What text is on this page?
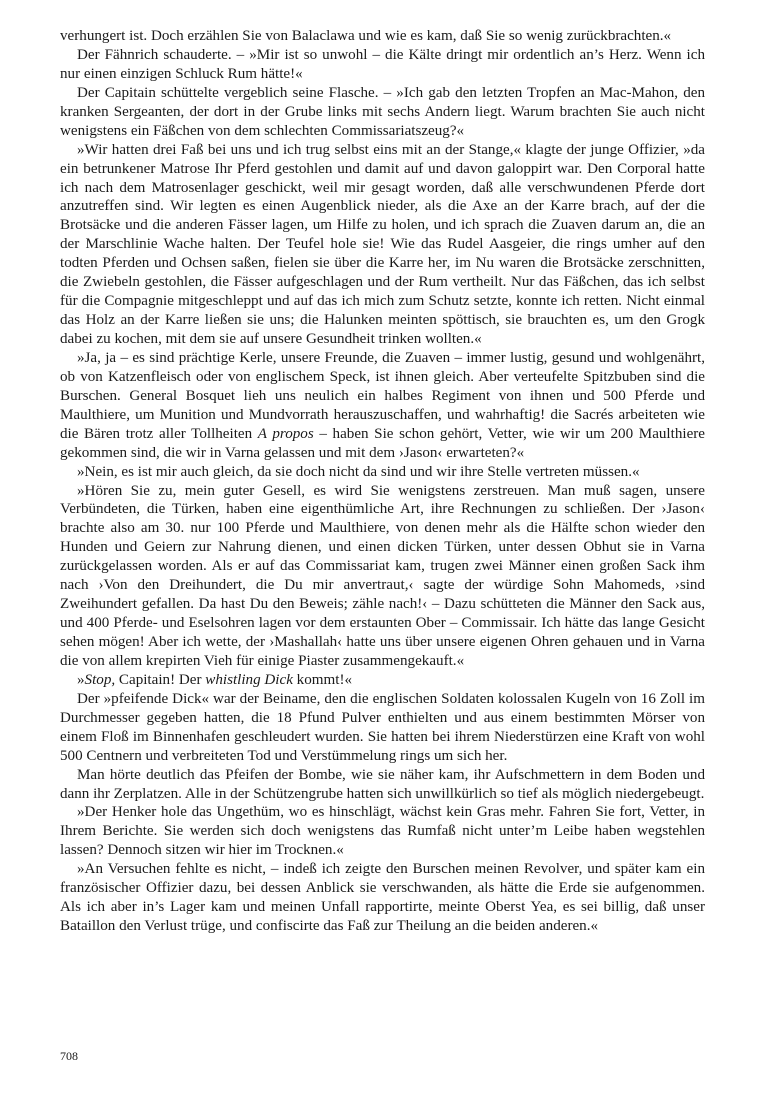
verhungert ist. Doch erzählen Sie von Balaclawa und wie es kam, daß Sie so wenig zurückbrachten.«

Der Fähnrich schauderte. – »Mir ist so unwohl – die Kälte dringt mir ordentlich an’s Herz. Wenn ich nur einen einzigen Schluck Rum hätte!«

Der Capitain schüttelte vergeblich seine Flasche. – »Ich gab den letzten Tropfen an Mac-Mahon, den kranken Sergeanten, der dort in der Grube links mit sechs Andern liegt. Warum brachten Sie auch nicht wenigstens ein Fäßchen von dem schlechten Commissariatszeug?«

»Wir hatten drei Faß bei uns und ich trug selbst eins mit an der Stange,« klagte der junge Offizier, »da ein betrunkener Matrose Ihr Pferd gestohlen und damit auf und davon galoppirt war. Den Corporal hatte ich nach dem Matrosenlager geschickt, weil mir gesagt worden, daß alle verschwundenen Pferde dort anzutreffen sind. Wir legten es einen Augenblick nieder, als die Axe an der Karre brach, auf der die Brotsäcke und die anderen Fässer lagen, um Hilfe zu holen, und ich sprach die Zuaven darum an, die an der Marschlinie Wache halten. Der Teufel hole sie! Wie das Rudel Aasgeier, die rings umher auf den todten Pferden und Ochsen saßen, fielen sie über die Karre her, im Nu waren die Brotsäcke zerschnitten, die Zwiebeln gestohlen, die Fässer aufgeschlagen und der Rum vertheilt. Nur das Fäßchen, das ich selbst für die Compagnie mitgeschleppt und auf das ich mich zum Schutz setzte, konnte ich retten. Nicht einmal das Holz an der Karre ließen sie uns; die Halunken meinten spöttisch, sie brauchten es, um den Grogk dabei zu kochen, mit dem sie auf unsere Gesundheit trinken wollten.«

»Ja, ja – es sind prächtige Kerle, unsere Freunde, die Zuaven – immer lustig, gesund und wohlgenährt, ob von Katzenfleisch oder von englischem Speck, ist ihnen gleich. Aber verteufelte Spitzbuben sind die Burschen. General Bosquet lieh uns neulich ein halbes Regiment von ihnen und 500 Pferde und Maulthiere, um Munition und Mundvorrath herauszuschaffen, und wahrhaftig! die Sacrés arbeiteten wie die Bären trotz aller Tollheiten A propos – haben Sie schon gehört, Vetter, wie wir um 200 Maulthiere gekommen sind, die wir in Varna gelassen und mit dem ›Jason‹ erwarteten?«

»Nein, es ist mir auch gleich, da sie doch nicht da sind und wir ihre Stelle vertreten müssen.«

»Hören Sie zu, mein guter Gesell, es wird Sie wenigstens zerstreuen. Man muß sagen, unsere Verbündeten, die Türken, haben eine eigenthümliche Art, ihre Rechnungen zu schließen. Der ›Jason‹ brachte also am 30. nur 100 Pferde und Maulthiere, von denen mehr als die Hälfte schon wieder den Hunden und Geiern zur Nahrung dienen, und einen dicken Türken, unter dessen Obhut sie in Varna zurückgelassen worden. Als er auf das Commissariat kam, trugen zwei Männer einen großen Sack ihm nach ›Von den Dreihundert, die Du mir anvertraut,‹ sagte der würdige Sohn Mahomeds, ›sind Zweihundert gefallen. Da hast Du den Beweis; zähle nach!‹ – Dazu schütteten die Männer den Sack aus, und 400 Pferde- und Eselsohren lagen vor dem erstaunten Ober – Commissair. Ich hätte das lange Gesicht sehen mögen! Aber ich wette, der ›Mashallah‹ hatte uns über unsere eigenen Ohren gehauen und in Varna die von allem krepirten Vieh für einige Piaster zusammengekauft.«

»Stop, Capitain! Der whistling Dick kommt!«

Der »pfeifende Dick« war der Beiname, den die englischen Soldaten kolossalen Kugeln von 16 Zoll im Durchmesser gegeben hatten, die 18 Pfund Pulver enthielten und aus einem bestimmten Mörser von einem Floß im Binnenhafen geschleudert wurden. Sie hatten bei ihrem Niederstürzen eine Kraft von wohl 500 Centnern und verbreiteten Tod und Verstümmelung rings um sich her.

Man hörte deutlich das Pfeifen der Bombe, wie sie näher kam, ihr Aufschmettern in dem Boden und dann ihr Zerplatzen. Alle in der Schützengrube hatten sich unwillkürlich so tief als möglich niedergebeugt.

»Der Henker hole das Ungethüm, wo es hinschlägt, wächst kein Gras mehr. Fahren Sie fort, Vetter, in Ihrem Berichte. Sie werden sich doch wenigstens das Rumfaß nicht unter’m Leibe haben wegstehlen lassen? Dennoch sitzen wir hier im Trocknen.«

»An Versuchen fehlte es nicht, – indeß ich zeigte den Burschen meinen Revolver, und später kam ein französischer Offizier dazu, bei dessen Anblick sie verschwanden, als hätte die Erde sie aufgenommen. Als ich aber in’s Lager kam und meinen Unfall rapportirte, meinte Oberst Yea, es sei billig, daß unser Bataillon den Verlust trüge, und confiscirte das Faß zur Theilung an die beiden anderen.«

708
